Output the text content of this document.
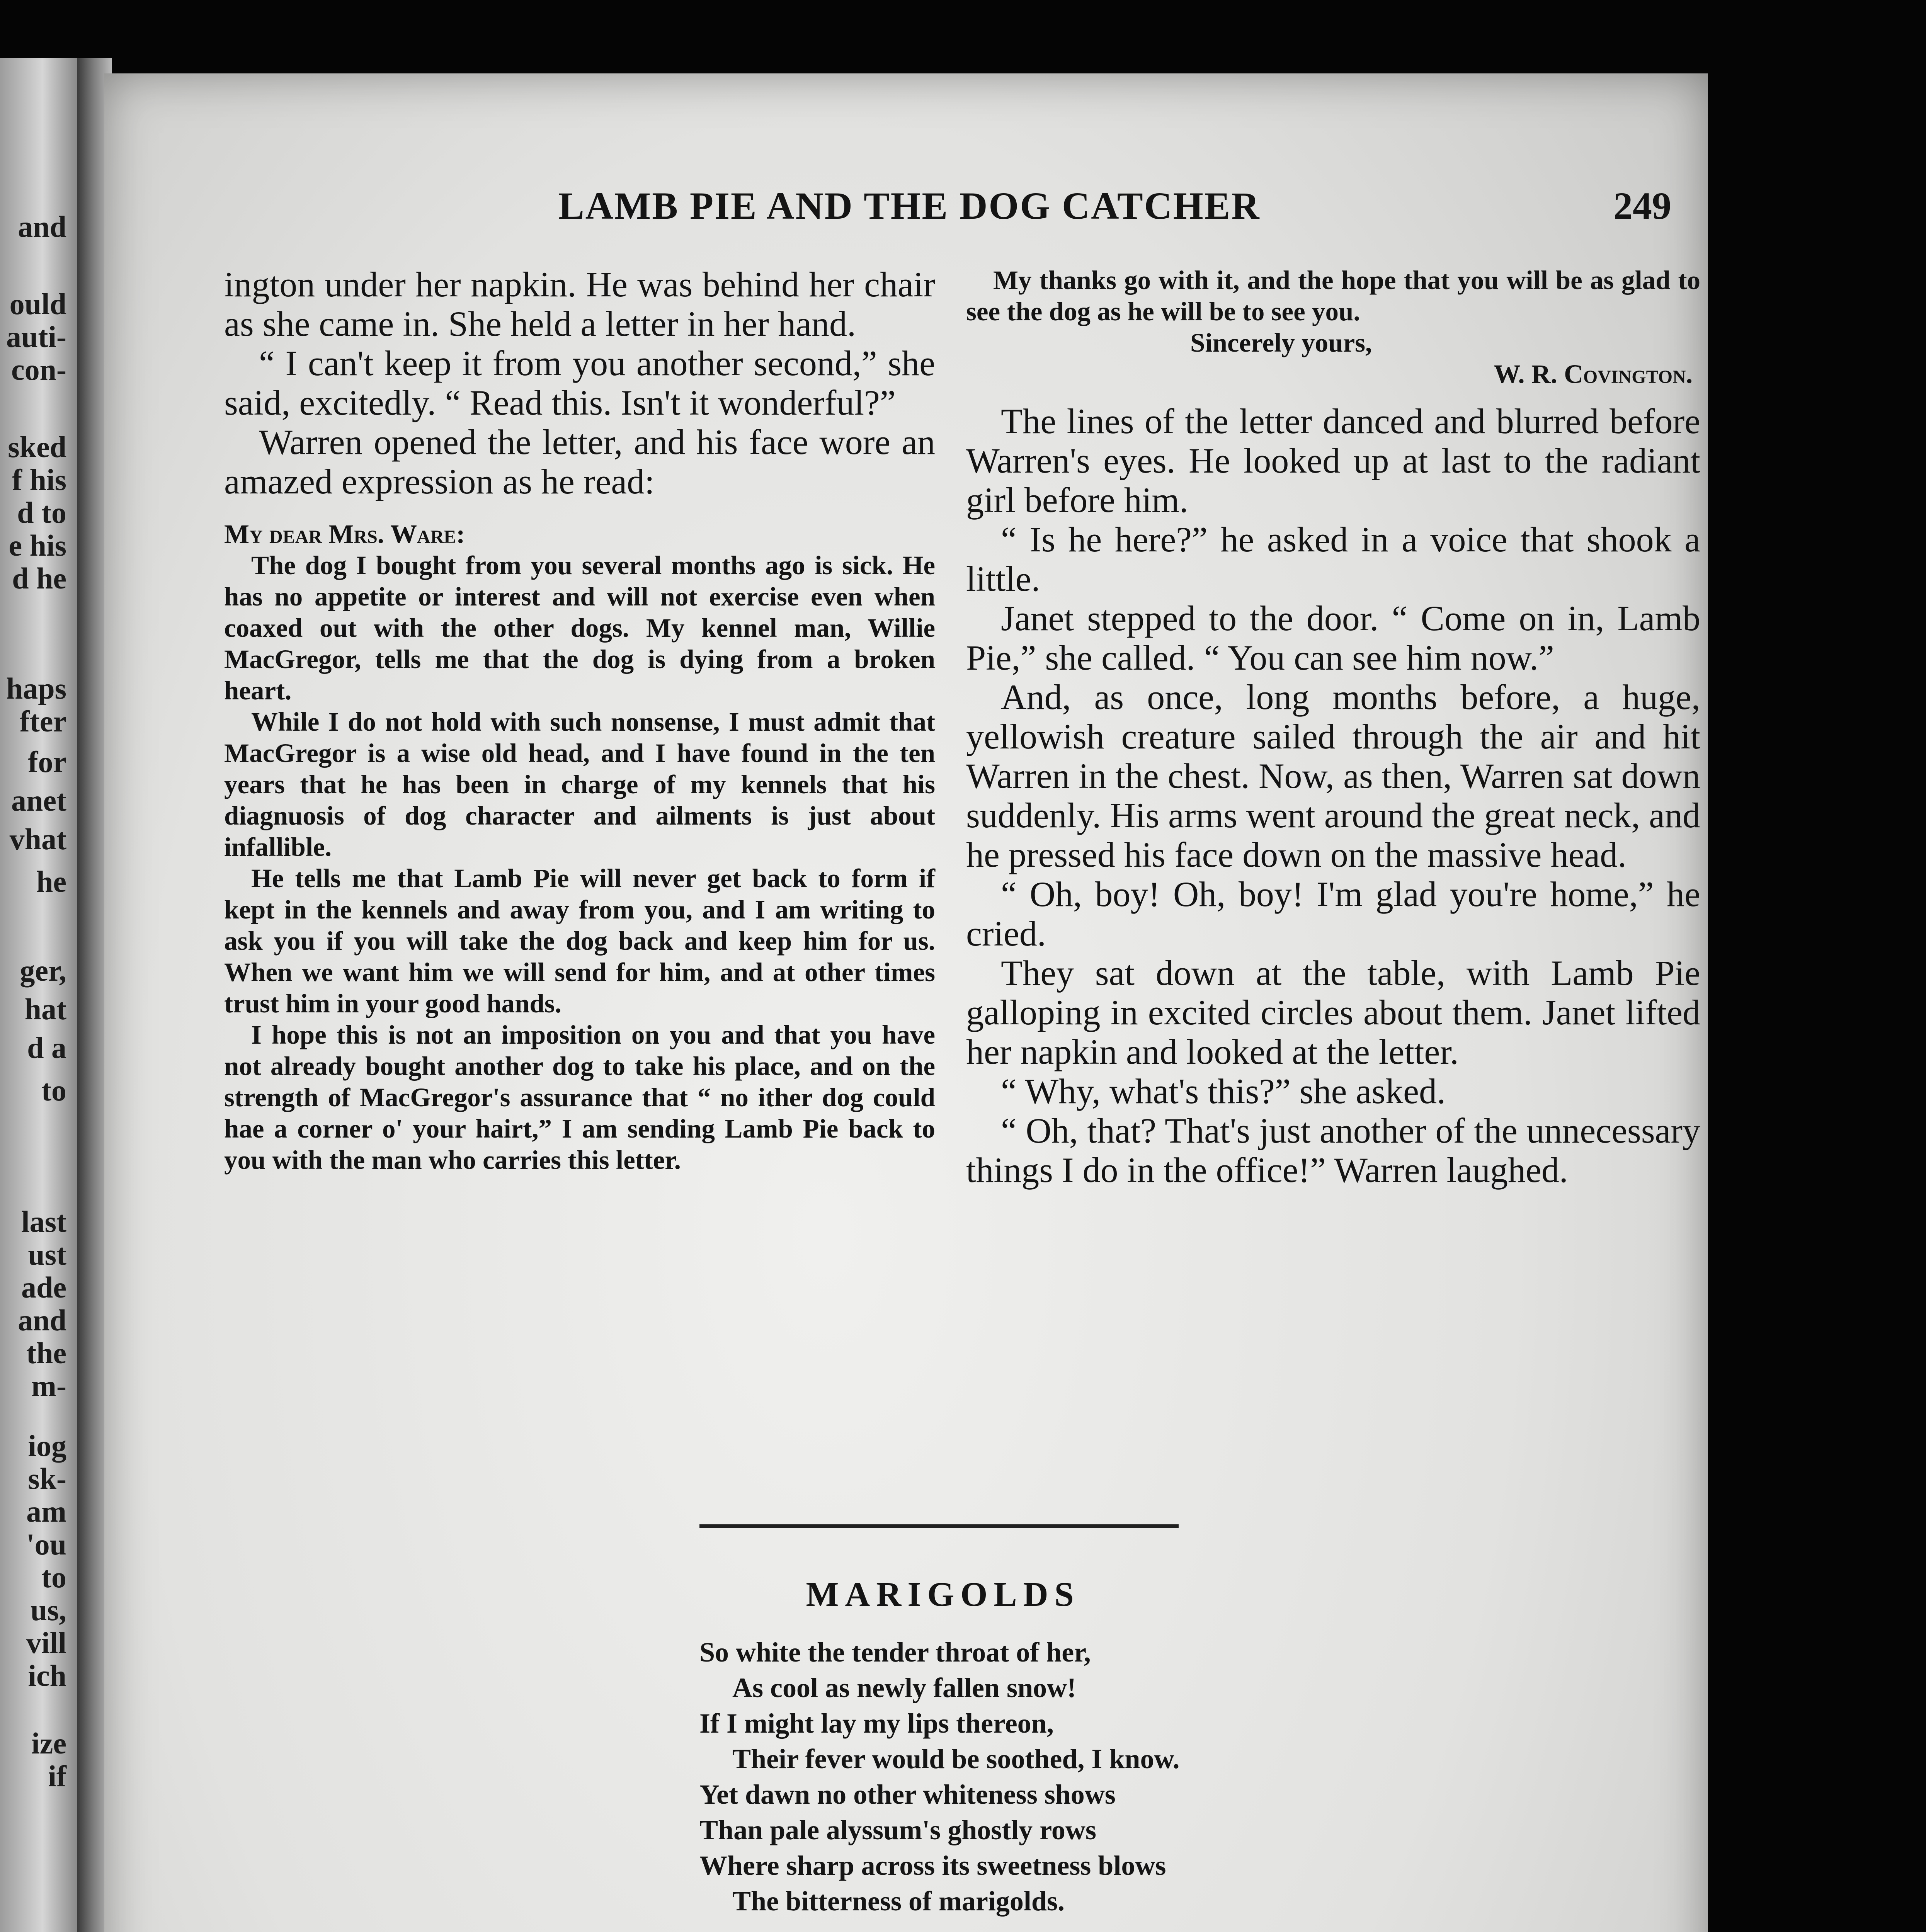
and
ould
auti-
con-
sked
f his
d to
e his
d he
haps
fter
for
anet
vhat
he
ger,
hat
d a
to
last
ust
ade
and
the
m-
iog
sk-
am
'ou
to
us,
vill
ich
ize
if
LAMB PIE AND THE DOG CATCHER	249

ington under her napkin. He was behind her chair as she came in. She held a letter in her hand.

“ I can't keep it from you another second,” she said, excitedly. “ Read this. Isn't it wonderful?”

Warren opened the letter, and his face wore an amazed expression as he read:

My dear Mrs. Ware:

The dog I bought from you several months ago is sick. He has no appetite or interest and will not exercise even when coaxed out with the other dogs. My kennel man, Willie MacGregor, tells me that the dog is dying from a broken heart.

While I do not hold with such nonsense, I must admit that MacGregor is a wise old head, and I have found in the ten years that he has been in charge of my kennels that his diagnuosis of dog character and ailments is just about infallible.

He tells me that Lamb Pie will never get back to form if kept in the kennels and away from you, and I am writing to ask you if you will take the dog back and keep him for us. When we want him we will send for him, and at other times trust him in your good hands.

I hope this is not an imposition on you and that you have not already bought another dog to take his place, and on the strength of MacGregor's assurance that “ no ither dog could hae a corner o' your hairt,” I am sending Lamb Pie back to you with the man who carries this letter.

My thanks go with it, and the hope that you will be as glad to see the dog as he will be to see you.

Sincerely yours,
W. R. Covington.

The lines of the letter danced and blurred before Warren's eyes. He looked up at last to the radiant girl before him.

“ Is he here?” he asked in a voice that shook a little.

Janet stepped to the door. “ Come on in, Lamb Pie,” she called. “ You can see him now.”

And, as once, long months before, a huge, yellowish creature sailed through the air and hit Warren in the chest. Now, as then, Warren sat down suddenly. His arms went around the great neck, and he pressed his face down on the massive head.

“ Oh, boy! Oh, boy! I'm glad you're home,” he cried.

They sat down at the table, with Lamb Pie galloping in excited circles about them. Janet lifted her napkin and looked at the letter.

“ Why, what's this?” she asked.

“ Oh, that? That's just another of the unnecessary things I do in the office!” Warren laughed.

MARIGOLDS
So white the tender throat of her,
As cool as newly fallen snow!
If I might lay my lips thereon,
Their fever would be soothed, I know.
Yet dawn no other whiteness shows
Than pale alyssum's ghostly rows
Where sharp across its sweetness blows
The bitterness of marigolds.
